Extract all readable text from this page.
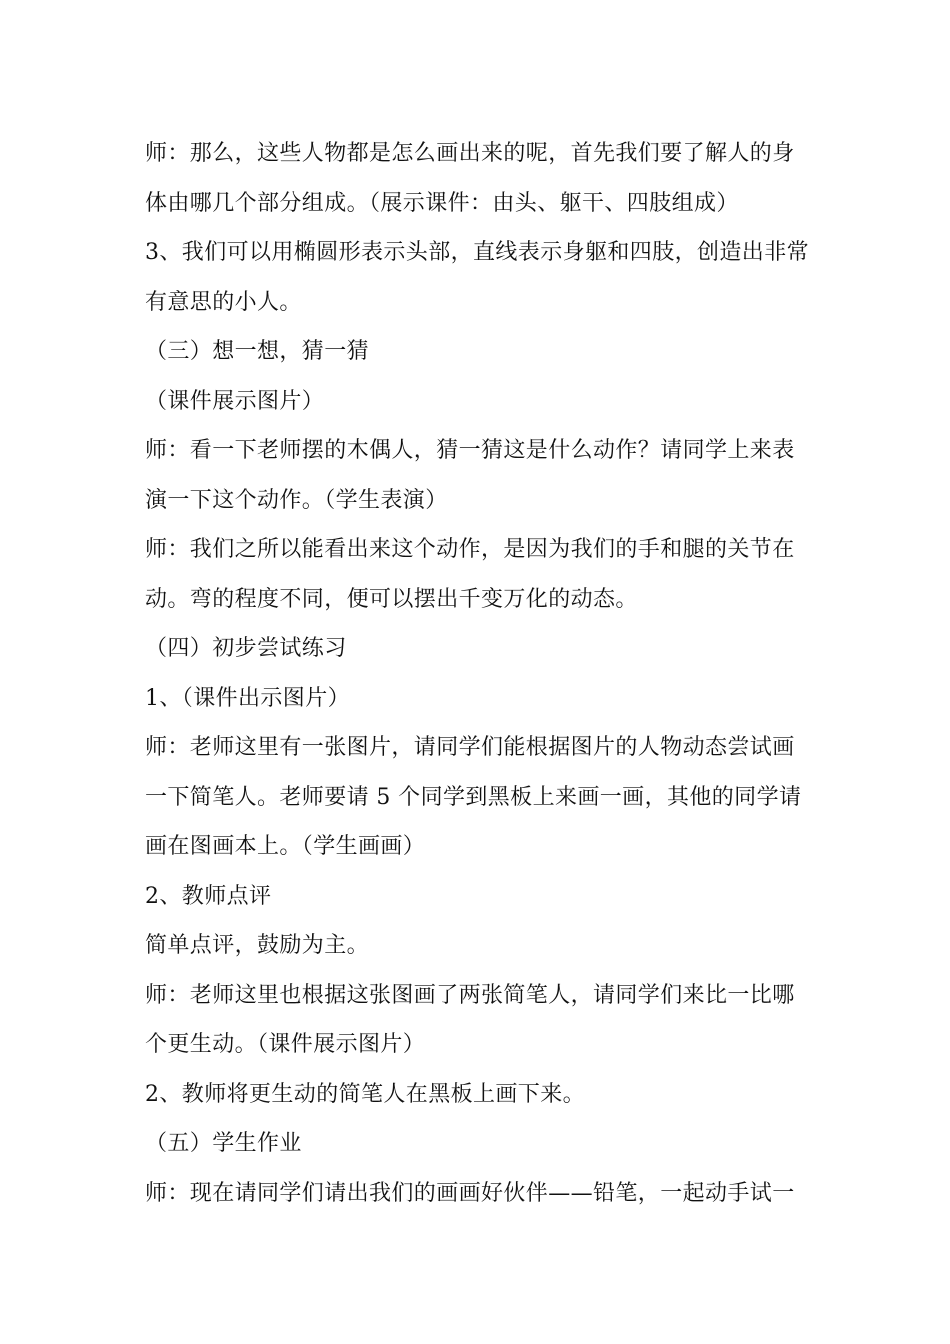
师：那么，这些人物都是怎么画出来的呢，首先我们要了解人的身
体由哪几个部分组成。（展示课件：由头、躯干、四肢组成）
3、我们可以用椭圆形表示头部，直线表示身躯和四肢，创造出非常
有意思的小人。
（三）想一想，猜一猜
（课件展示图片）
师：看一下老师摆的木偶人，猜一猜这是什么动作？请同学上来表
演一下这个动作。（学生表演）
师：我们之所以能看出来这个动作，是因为我们的手和腿的关节在
动。弯的程度不同，便可以摆出千变万化的动态。
（四）初步尝试练习
1、（课件出示图片）
师：老师这里有一张图片，请同学们能根据图片的人物动态尝试画
一下简笔人。老师要请 5 个同学到黑板上来画一画，其他的同学请
画在图画本上。（学生画画）
2、教师点评
简单点评，鼓励为主。
师：老师这里也根据这张图画了两张简笔人，请同学们来比一比哪
个更生动。（课件展示图片）
2、教师将更生动的简笔人在黑板上画下来。
（五）学生作业
师：现在请同学们请出我们的画画好伙伴——铅笔，一起动手试一
